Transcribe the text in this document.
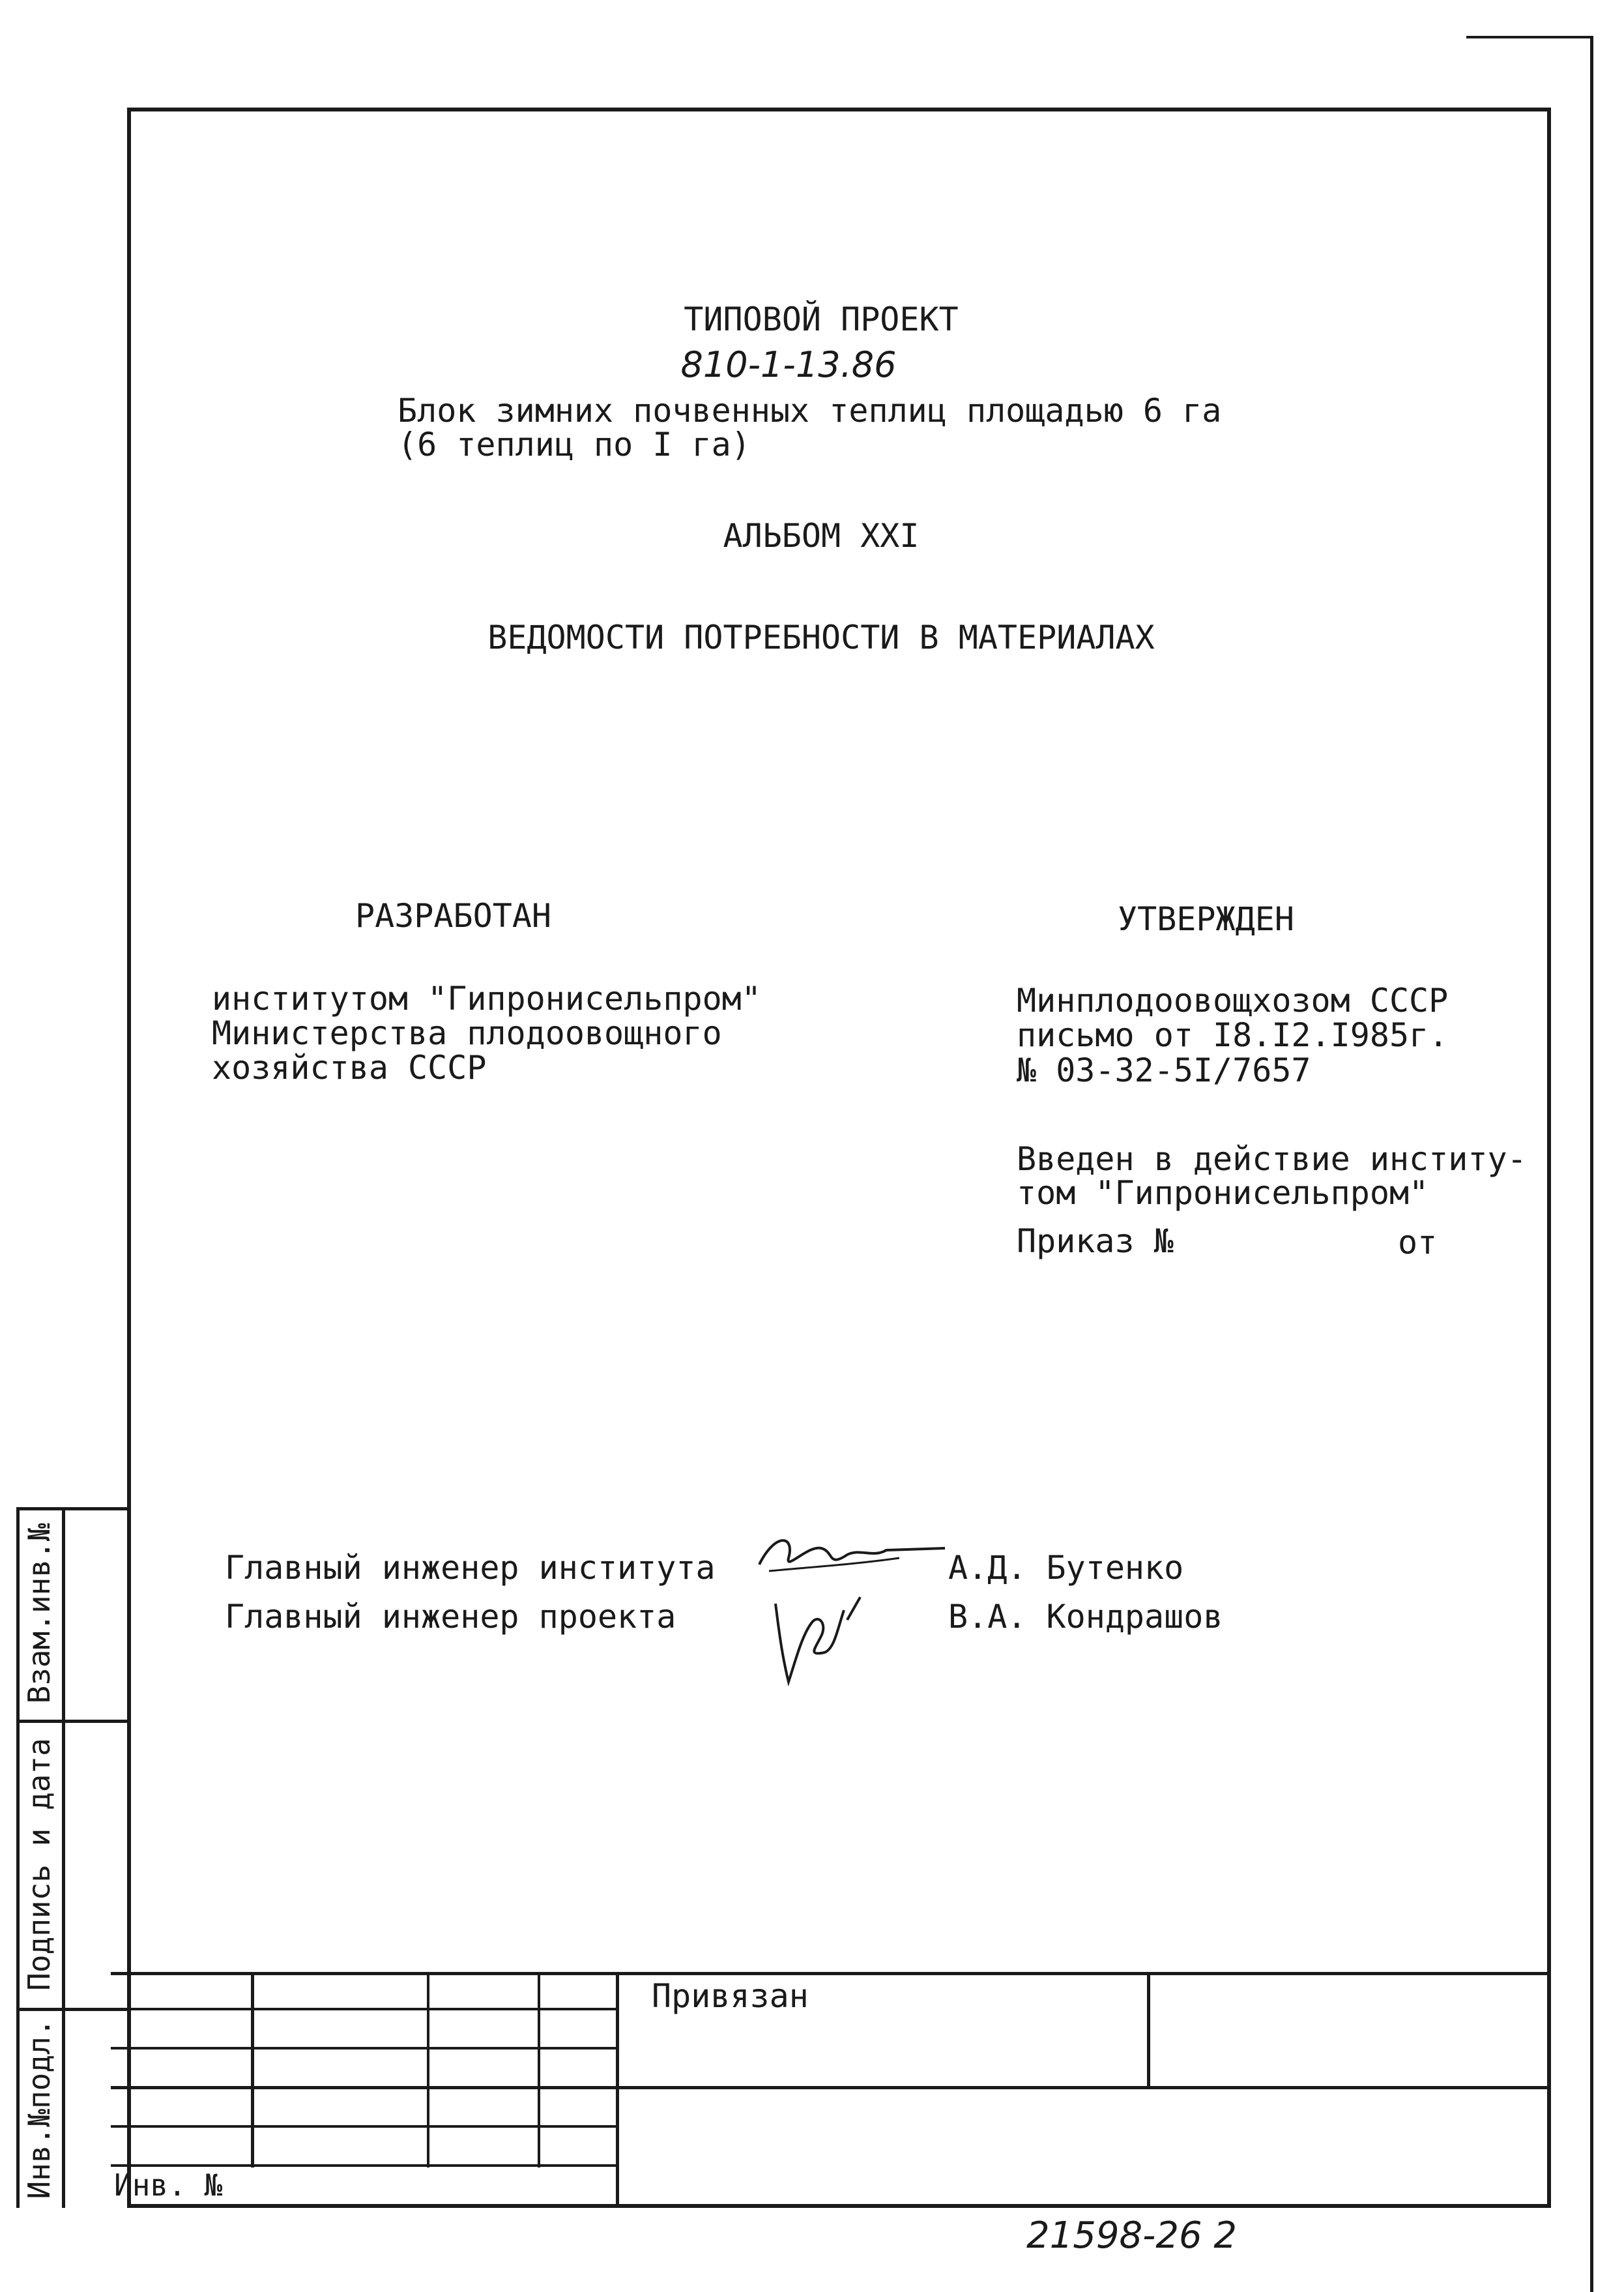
ТИПОВОЙ ПРОЕКТ
810-1-13.86
Блок зимних почвенных теплиц площадью 6 га
(6 теплиц по I га)
АЛЬБОМ XXI
ВЕДОМОСТИ ПОТРЕБНОСТИ В МАТЕРИАЛАХ
РАЗРАБОТАН
институтом "Гипронисельпром"
Министерства плодоовощного
хозяйства СССР
УТВЕРЖДЕН
Минплодоовощхозом СССР
письмо от I8.I2.I985г.
№ 03-32-5I/7657
Введен в действие институ-
том "Гипронисельпром"
Приказ №	от
Главный инженер института	А.Д. Бутенко
Главный инженер проекта	В.А. Кондрашов
Взам.инв.№
Подпись и дата
Инв.№подл.
Привязан
Инв. №
21598-26 2
